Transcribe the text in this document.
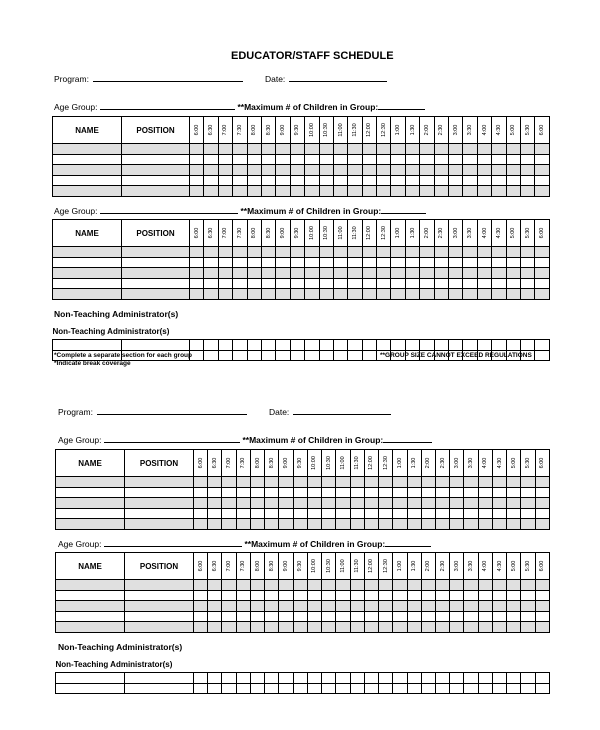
EDUCATOR/STAFF SCHEDULE
Program:	Date:
Age Group:	**Maximum # of Children in Group:
NAME	POSITION	6:00	6:30	7:00	7:30	8:00	8:30	9:00	9:30	10:00	10:30	11:00	11:30	12:00	12:30	1:00	1:30	2:00	2:30	3:00	3:30	4:00	4:30	5:00	5:30	6:00

Age Group:	**Maximum # of Children in Group:
NAME	POSITION	6:00	6:30	7:00	7:30	8:00	8:30	9:00	9:30	10:00	10:30	11:00	11:30	12:00	12:30	1:00	1:30	2:00	2:30	3:00	3:30	4:00	4:30	5:00	5:30	6:00

Non-Teaching Administrator(s)
Non-Teaching Administrator(s)																										

*Complete a separate section for each group
*Indicate break coverage
**GROUP SIZE CANNOT EXCEED REGULATIONS
Program:	Date:
Age Group:	**Maximum # of Children in Group:
NAME	POSITION	6:00	6:30	7:00	7:30	8:00	8:30	9:00	9:30	10:00	10:30	11:00	11:30	12:00	12:30	1:00	1:30	2:00	2:30	3:00	3:30	4:00	4:30	5:00	5:30	6:00

Age Group:	**Maximum # of Children in Group:
NAME	POSITION	6:00	6:30	7:00	7:30	8:00	8:30	9:00	9:30	10:00	10:30	11:00	11:30	12:00	12:30	1:00	1:30	2:00	2:30	3:00	3:30	4:00	4:30	5:00	5:30	6:00

Non-Teaching Administrator(s)
Non-Teaching Administrator(s)																										
